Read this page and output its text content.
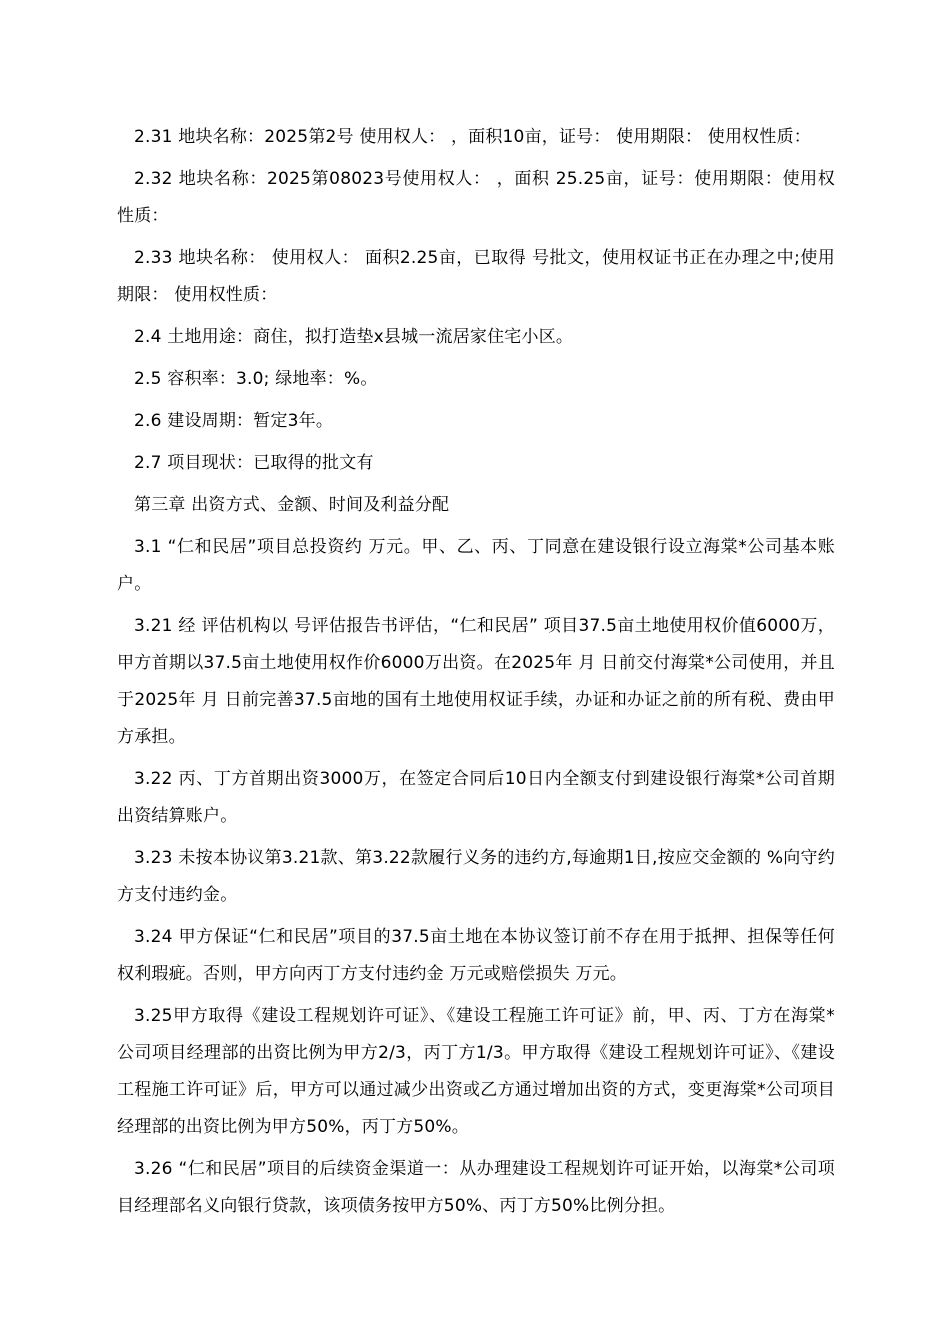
2.31 地块名称：2025第2号 使用权人： ，面积10亩，证号： 使用期限： 使用权性质：

2.32 地块名称：2025第08023号使用权人： ，面积 25.25亩，证号：使用期限：使用权性质：

2.33 地块名称： 使用权人： 面积2.25亩，已取得 号批文，使用权证书正在办理之中;使用期限： 使用权性质：

2.4 土地用途：商住，拟打造垫x县城一流居家住宅小区。

2.5 容积率：3.0; 绿地率：%。

2.6 建设周期：暂定3年。

2.7 项目现状：已取得的批文有

第三章 出资方式、金额、时间及利益分配

3.1 “仁和民居”项目总投资约 万元。甲、乙、丙、丁同意在建设银行设立海棠*公司基本账户。

3.21 经 评估机构以 号评估报告书评估，“仁和民居” 项目37.5亩土地使用权价值6000万，甲方首期以37.5亩土地使用权作价6000万出资。在2025年 月 日前交付海棠*公司使用，并且于2025年 月 日前完善37.5亩地的国有土地使用权证手续，办证和办证之前的所有税、费由甲方承担。

3.22 丙、丁方首期出资3000万，在签定合同后10日内全额支付到建设银行海棠*公司首期出资结算账户。

3.23 未按本协议第3.21款、第3.22款履行义务的违约方,每逾期1日,按应交金额的 %向守约方支付违约金。

3.24 甲方保证“仁和民居”项目的37.5亩土地在本协议签订前不存在用于抵押、担保等任何权利瑕疵。否则，甲方向丙丁方支付违约金 万元或赔偿损失 万元。

3.25甲方取得《建设工程规划许可证》、《建设工程施工许可证》前，甲、丙、丁方在海棠*公司项目经理部的出资比例为甲方2/3，丙丁方1/3。甲方取得《建设工程规划许可证》、《建设工程施工许可证》后，甲方可以通过减少出资或乙方通过增加出资的方式，变更海棠*公司项目经理部的出资比例为甲方50%，丙丁方50%。

3.26 “仁和民居”项目的后续资金渠道一：从办理建设工程规划许可证开始，以海棠*公司项目经理部名义向银行贷款，该项债务按甲方50%、丙丁方50%比例分担。
